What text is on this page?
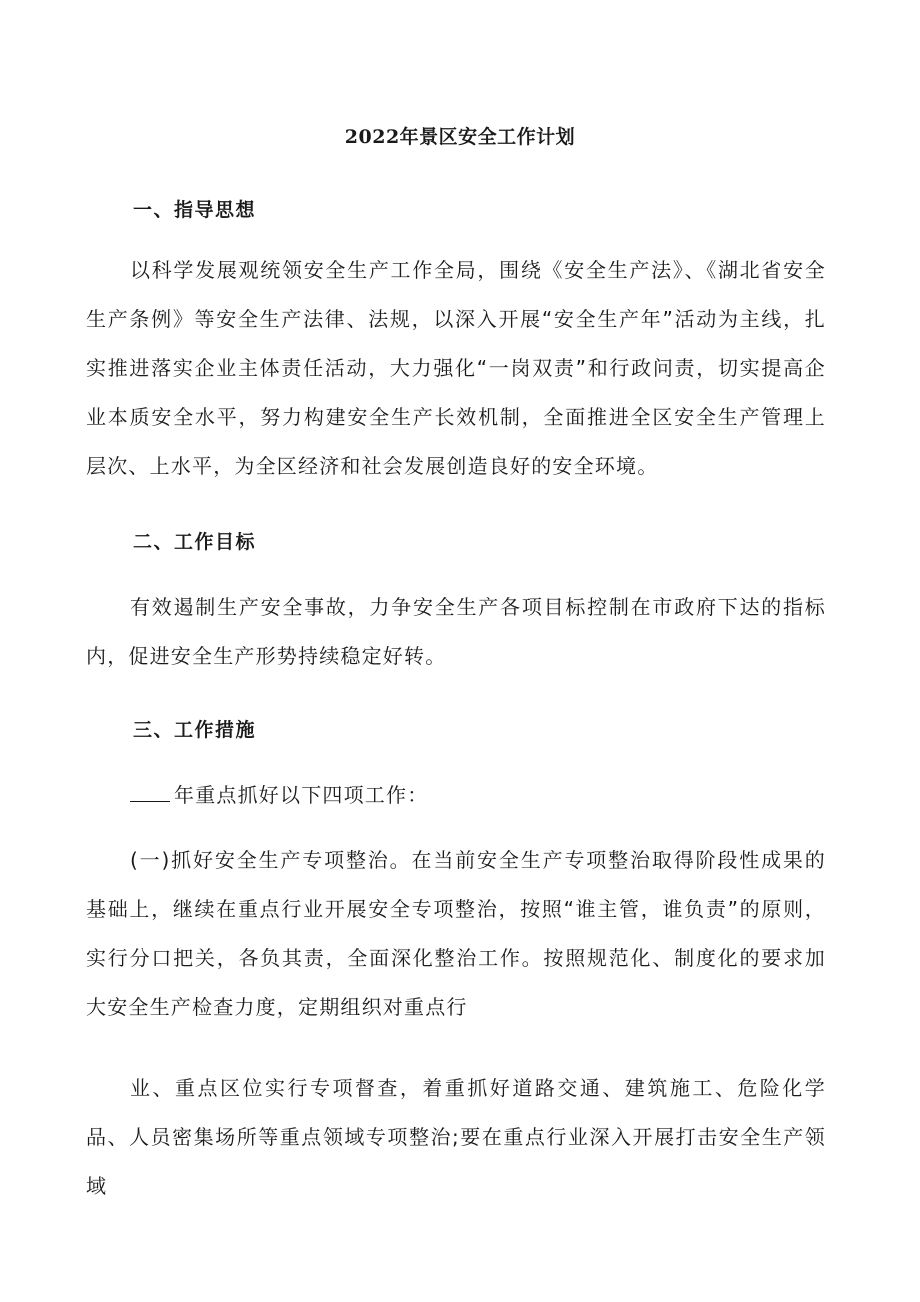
2022年景区安全工作计划
一、指导思想

以科学发展观统领安全生产工作全局，围绕《安全生产法》、《湖北省安全生产条例》等安全生产法律、法规，以深入开展“安全生产年”活动为主线，扎实推进落实企业主体责任活动，大力强化“一岗双责”和行政问责，切实提高企业本质安全水平，努力构建安全生产长效机制，全面推进全区安全生产管理上层次、上水平，为全区经济和社会发展创造良好的安全环境。

二、工作目标

有效遏制生产安全事故，力争安全生产各项目标控制在市政府下达的指标内，促进安全生产形势持续稳定好转。

三、工作措施

年重点抓好以下四项工作：

(一)抓好安全生产专项整治。在当前安全生产专项整治取得阶段性成果的基础上，继续在重点行业开展安全专项整治，按照“谁主管，谁负责”的原则，实行分口把关，各负其责，全面深化整治工作。按照规范化、制度化的要求加大安全生产检查力度，定期组织对重点行

业、重点区位实行专项督查，着重抓好道路交通、建筑施工、危险化学品、人员密集场所等重点领域专项整治;要在重点行业深入开展打击安全生产领域
